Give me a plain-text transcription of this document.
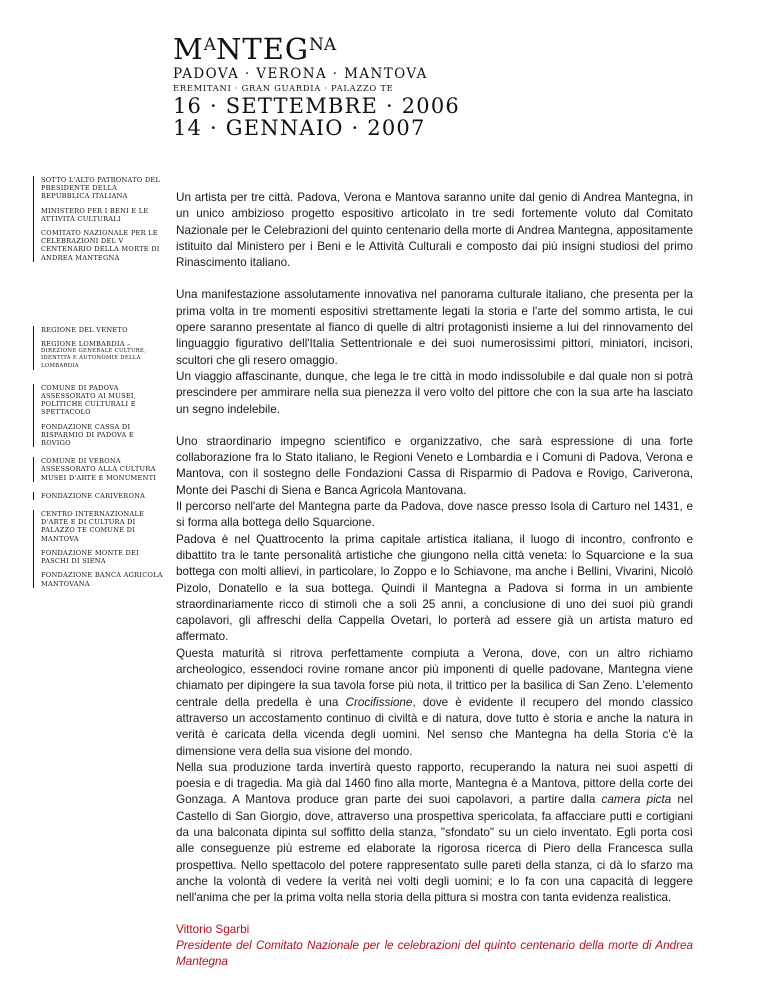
$M^ANTEG^{NA}$
PADOVA · VERONA · MANTOVA
EREMITANI · GRAN GUARDIA · PALAZZO TE
16 · SETTEMBRE · 2006
14 · GENNAIO · 2007
SOTTO L'ALTO PATRONATO DEL PRESIDENTE DELLA REPUBBLICA ITALIANA
MINISTERO PER I BENI E LE ATTIVITÀ CULTURALI
COMITATO NAZIONALE PER LE CELEBRAZIONI DEL V CENTENARIO DELLA MORTE DI ANDREA MANTEGNA
REGIONE DEL VENETO
REGIONE LOMBARDIA –
DIREZIONE GENERALE CULTURE, IDENTITÀ E AUTONOMIE DELLA LOMBARDIA
COMUNE DI PADOVA ASSESSORATO AI MUSEI, POLITICHE CULTURALI E SPETTACOLO
FONDAZIONE CASSA DI RISPARMIO DI PADOVA E ROVIGO
COMUNE DI VERONA ASSESSORATO ALLA CULTURA MUSEI D'ARTE E MONUMENTI
FONDAZIONE CARIVERONA
CENTRO INTERNAZIONALE D'ARTE E DI CULTURA DI PALAZZO TE COMUNE DI MANTOVA
FONDAZIONE MONTE DEI PASCHI DI SIENA
FONDAZIONE BANCA AGRICOLA MANTOVANA

Un artista per tre città. Padova, Verona e Mantova saranno unite dal genio di Andrea Mantegna, in un unico ambizioso progetto espositivo articolato in tre sedi fortemente voluto dal Comitato Nazionale per le Celebrazioni del quinto centenario della morte di Andrea Mantegna, appositamente istituito dal Ministero per i Beni e le Attività Culturali e composto dai più insigni studiosi del primo Rinascimento italiano.

Una manifestazione assolutamente innovativa nel panorama culturale italiano, che presenta per la prima volta in tre momenti espositivi strettamente legati la storia e l'arte del sommo artista, le cui opere saranno presentate al fianco di quelle di altri protagonisti insieme a lui del rinnovamento del linguaggio figurativo dell'Italia Settentrionale e dei suoi numerosissimi pittori, miniatori, incisori, scultori che gli resero omaggio.

Un viaggio affascinante, dunque, che lega le tre città in modo indissolubile e dal quale non si potrà prescindere per ammirare nella sua pienezza il vero volto del pittore che con la sua arte ha lasciato un segno indelebile.

Uno straordinario impegno scientifico e organizzativo, che sarà espressione di una forte collaborazione fra lo Stato italiano, le Regioni Veneto e Lombardia e i Comuni di Padova, Verona e Mantova, con il sostegno delle Fondazioni Cassa di Risparmio di Padova e Rovigo, Cariverona, Monte dei Paschi di Siena e Banca Agricola Mantovana.

Il percorso nell'arte del Mantegna parte da Padova, dove nasce presso Isola di Carturo nel 1431, e si forma alla bottega dello Squarcione.

Padova è nel Quattrocento la prima capitale artistica italiana, il luogo di incontro, confronto e dibattito tra le tante personalità artistiche che giungono nella città veneta: lo Squarcione e la sua bottega con molti allievi, in particolare, lo Zoppo e lo Schiavone, ma anche i Bellini, Vivarini, Nicolò Pizolo, Donatello e la sua bottega. Quindi il Mantegna a Padova si forma in un ambiente straordinariamente ricco di stimoli che a soli 25 anni, a conclusione di uno dei suoi più grandi capolavori, gli affreschi della Cappella Ovetari, lo porterà ad essere già un artista maturo ed affermato.

Questa maturità si ritrova perfettamente compiuta a Verona, dove, con un altro richiamo archeologico, essendoci rovine romane ancor più imponenti di quelle padovane, Mantegna viene chiamato per dipingere la sua tavola forse più nota, il trittico per la basilica di San Zeno. L'elemento centrale della predella è una Crocifissione, dove è evidente il recupero del mondo classico attraverso un accostamento continuo di civiltà e di natura, dove tutto è storia e anche la natura in verità è caricata della vicenda degli uomini. Nel senso che Mantegna ha della Storia c'è la dimensione vera della sua visione del mondo.

Nella sua produzione tarda invertirà questo rapporto, recuperando la natura nei suoi aspetti di poesia e di tragedia. Ma già dal 1460 fino alla morte, Mantegna è a Mantova, pittore della corte dei Gonzaga. A Mantova produce gran parte dei suoi capolavori, a partire dalla camera picta nel Castello di San Giorgio, dove, attraverso una prospettiva spericolata, fa affacciare putti e cortigiani da una balconata dipinta sul soffitto della stanza, "sfondato" su un cielo inventato. Egli porta così alle conseguenze più estreme ed elaborate la rigorosa ricerca di Piero della Francesca sulla prospettiva. Nello spettacolo del potere rappresentato sulle pareti della stanza, ci dà lo sfarzo ma anche la volontà di vedere la verità nei volti degli uomini; e lo fa con una capacità di leggere nell'anima che per la prima volta nella storia della pittura si mostra con tanta evidenza realistica.

Vittorio Sgarbi
Presidente del Comitato Nazionale per le celebrazioni del quinto centenario della morte di Andrea Mantegna
